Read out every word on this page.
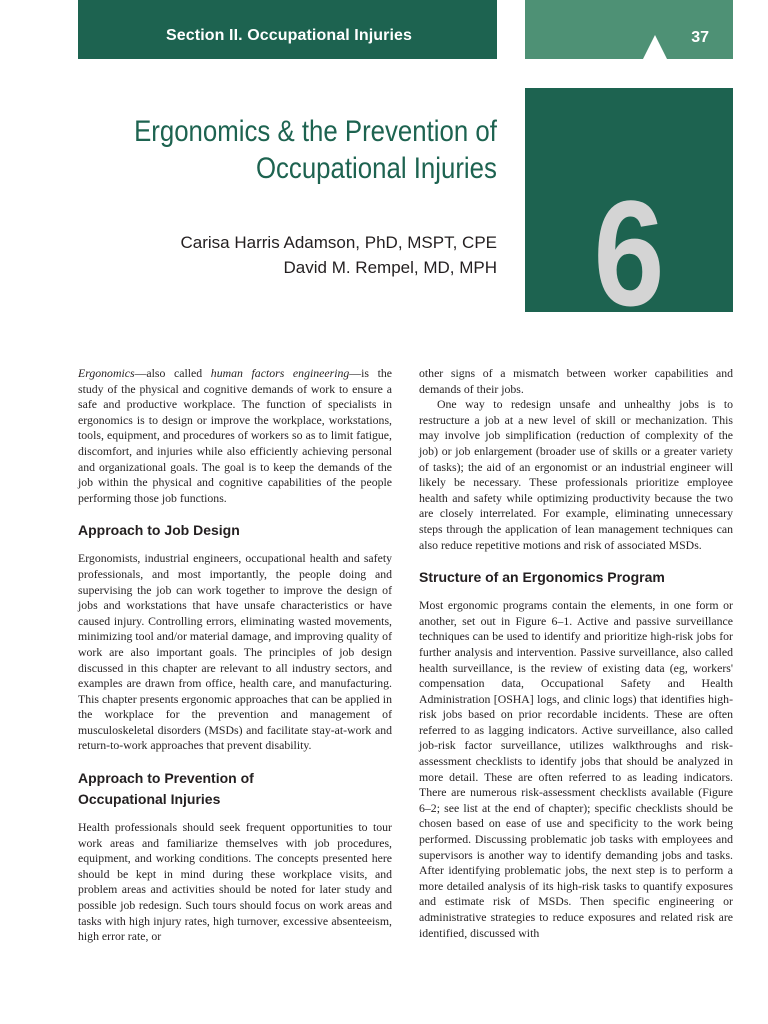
Section II. Occupational Injuries	37
Ergonomics & the Prevention of
Occupational Injuries
Carisa Harris Adamson, PhD, MSPT, CPE
David M. Rempel, MD, MPH 6

Ergonomics—also called human factors engineering—is the study of the physical and cognitive demands of work to ensure a safe and productive workplace. The function of specialists in ergonomics is to design or improve the workplace, workstations, tools, equipment, and procedures of workers so as to limit fatigue, discomfort, and injuries while also efficiently achieving personal and organizational goals. The goal is to keep the demands of the job within the physical and cognitive capabilities of the people performing those job functions.

Approach to Job Design

Ergonomists, industrial engineers, occupational health and safety professionals, and most importantly, the people doing and supervising the job can work together to improve the design of jobs and workstations that have unsafe characteristics or have caused injury. Controlling errors, eliminating wasted movements, minimizing tool and/or material damage, and improving quality of work are also important goals. The principles of job design discussed in this chapter are relevant to all industry sectors, and examples are drawn from office, health care, and manufacturing. This chapter presents ergonomic approaches that can be applied in the workplace for the prevention and management of musculoskeletal disorders (MSDs) and facilitate stay-at-work and return-to-work approaches that prevent disability.

Approach to Prevention of
Occupational Injuries

Health professionals should seek frequent opportunities to tour work areas and familiarize themselves with job procedures, equipment, and working conditions. The concepts presented here should be kept in mind during these workplace visits, and problem areas and activities should be noted for later study and possible job redesign. Such tours should focus on work areas and tasks with high injury rates, high turnover, excessive absenteeism, high error rate, or

other signs of a mismatch between worker capabilities and demands of their jobs.

One way to redesign unsafe and unhealthy jobs is to restructure a job at a new level of skill or mechanization. This may involve job simplification (reduction of complexity of the job) or job enlargement (broader use of skills or a greater variety of tasks); the aid of an ergonomist or an industrial engineer will likely be necessary. These professionals prioritize employee health and safety while optimizing productivity because the two are closely interrelated. For example, eliminating unnecessary steps through the application of lean management techniques can also reduce repetitive motions and risk of associated MSDs.

Structure of an Ergonomics Program

Most ergonomic programs contain the elements, in one form or another, set out in Figure 6–1. Active and passive surveillance techniques can be used to identify and prioritize high-risk jobs for further analysis and intervention. Passive surveillance, also called health surveillance, is the review of existing data (eg, workers' compensation data, Occupational Safety and Health Administration [OSHA] logs, and clinic logs) that identifies high-risk jobs based on prior recordable incidents. These are often referred to as lagging indicators. Active surveillance, also called job-risk factor surveillance, utilizes walkthroughs and risk-assessment checklists to identify jobs that should be analyzed in more detail. These are often referred to as leading indicators. There are numerous risk-assessment checklists available (Figure 6–2; see list at the end of chapter); specific checklists should be chosen based on ease of use and specificity to the work being performed. Discussing problematic job tasks with employees and supervisors is another way to identify demanding jobs and tasks. After identifying problematic jobs, the next step is to perform a more detailed analysis of its high-risk tasks to quantify exposures and estimate risk of MSDs. Then specific engineering or administrative strategies to reduce exposures and related risk are identified, discussed with
